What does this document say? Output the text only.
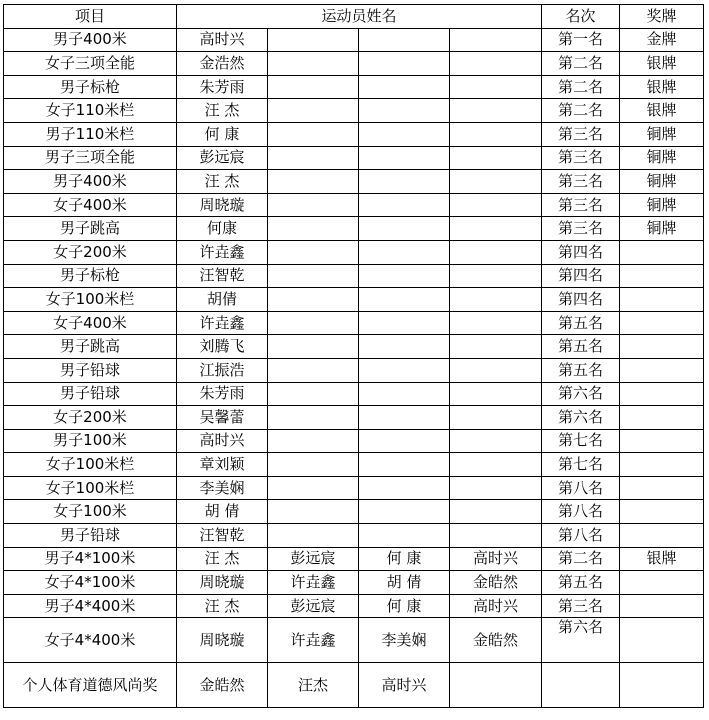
项目	运动员姓名				名次	奖牌
男子400米	高时兴				第一名	金牌
女子三项全能	金浩然				第二名	银牌
男子标枪	朱芳雨				第二名	银牌
女子110米栏	汪 杰				第二名	银牌
男子110米栏	何 康				第三名	铜牌
男子三项全能	彭远宸				第三名	铜牌
男子400米	汪 杰				第三名	铜牌
女子400米	周晓璇				第三名	铜牌
男子跳高	何康				第三名	铜牌
女子200米	许垚鑫				第四名	
男子标枪	汪智乾				第四名	
女子100米栏	胡倩				第四名	
女子400米	许垚鑫				第五名	
男子跳高	刘腾飞				第五名	
男子铅球	江振浩				第五名	
男子铅球	朱芳雨				第六名	
女子200米	吴馨蕾				第六名	
男子100米	高时兴				第七名	
女子100米栏	章刘颖				第七名	
女子100米栏	李美娴				第八名	
女子100米	胡 倩				第八名	
男子铅球	汪智乾				第八名	
男子4*100米	汪 杰	彭远宸	何 康	高时兴	第二名	银牌
女子4*100米	周晓璇	许垚鑫	胡 倩	金皓然	第五名	
男子4*400米	汪 杰	彭远宸	何 康	高时兴	第三名	
女子4*400米	周晓璇	许垚鑫	李美娴	金皓然	第六名	
个人体育道德风尚奖	金皓然	汪杰	高时兴			
